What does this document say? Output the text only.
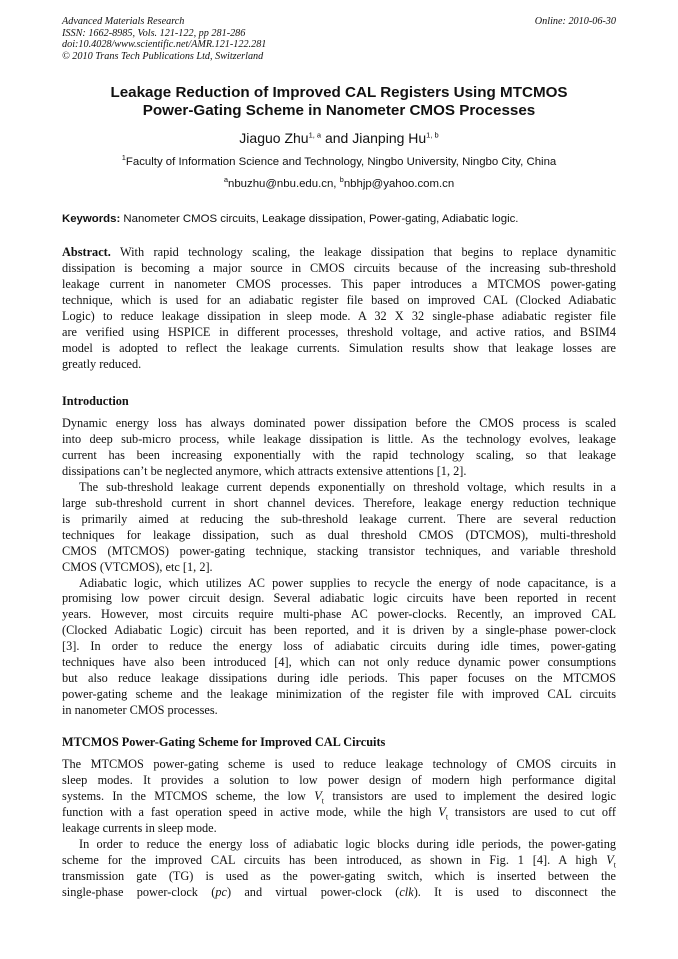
Advanced Materials Research
ISSN: 1662-8985, Vols. 121-122, pp 281-286
doi:10.4028/www.scientific.net/AMR.121-122.281
© 2010 Trans Tech Publications Ltd, Switzerland
Online: 2010-06-30
Leakage Reduction of Improved CAL Registers Using MTCMOS
Power-Gating Scheme in Nanometer CMOS Processes
Jiaguo Zhu$^{1, a}$ and Jianping Hu$^{1, b}$
$^1$Faculty of Information Science and Technology, Ningbo University, Ningbo City, China
$^a$nbuzhu@nbu.edu.cn, $^b$nbhjp@yahoo.com.cn
Keywords: Nanometer CMOS circuits, Leakage dissipation, Power-gating, Adiabatic logic.
Abstract. With rapid technology scaling, the leakage dissipation that begins to replace dynamitic
dissipation is becoming a major source in CMOS circuits because of the increasing sub-threshold
leakage current in nanometer CMOS processes. This paper introduces a MTCMOS power-gating
technique, which is used for an adiabatic register file based on improved CAL (Clocked Adiabatic
Logic) to reduce leakage dissipation in sleep mode. A 32 X 32 single-phase adiabatic register file
are verified using HSPICE in different processes, threshold voltage, and active ratios, and BSIM4
model is adopted to reflect the leakage currents. Simulation results show that leakage losses are
greatly reduced.
Introduction

Dynamic energy loss has always dominated power dissipation before the CMOS process is scaled
into deep sub-micro process, while leakage dissipation is little. As the technology evolves, leakage
current has been increasing exponentially with the rapid technology scaling, so that leakage
dissipations can’t be neglected anymore, which attracts extensive attentions [1, 2].

The sub-threshold leakage current depends exponentially on threshold voltage, which results in a
large sub-threshold current in short channel devices. Therefore, leakage energy reduction technique
is primarily aimed at reducing the sub-threshold leakage current. There are several reduction
techniques for leakage dissipation, such as dual threshold CMOS (DTCMOS), multi-threshold
CMOS (MTCMOS) power-gating technique, stacking transistor techniques, and variable threshold
CMOS (VTCMOS), etc [1, 2].

Adiabatic logic, which utilizes AC power supplies to recycle the energy of node capacitance, is a
promising low power circuit design. Several adiabatic logic circuits have been reported in recent
years. However, most circuits require multi-phase AC power-clocks. Recently, an improved CAL
(Clocked Adiabatic Logic) circuit has been reported, and it is driven by a single-phase power-clock
[3]. In order to reduce the energy loss of adiabatic circuits during idle times, power-gating
techniques have also been introduced [4], which can not only reduce dynamic power consumptions
but also reduce leakage dissipations during idle periods. This paper focuses on the MTCMOS
power-gating scheme and the leakage minimization of the register file with improved CAL circuits
in nanometer CMOS processes.

MTCMOS Power-Gating Scheme for Improved CAL Circuits

The MTCMOS power-gating scheme is used to reduce leakage technology of CMOS circuits in
sleep modes. It provides a solution to low power design of modern high performance digital
systems. In the MTCMOS scheme, the low $V_t$ transistors are used to implement the desired logic
function with a fast operation speed in active mode, while the high $V_t$ transistors are used to cut off
leakage currents in sleep mode.

In order to reduce the energy loss of adiabatic logic blocks during idle periods, the power-gating
scheme for the improved CAL circuits has been introduced, as shown in Fig. 1 [4]. A high $V_t$
transmission gate (TG) is used as the power-gating switch, which is inserted between the
single-phase power-clock (pc) and virtual power-clock (clk). It is used to disconnect the
